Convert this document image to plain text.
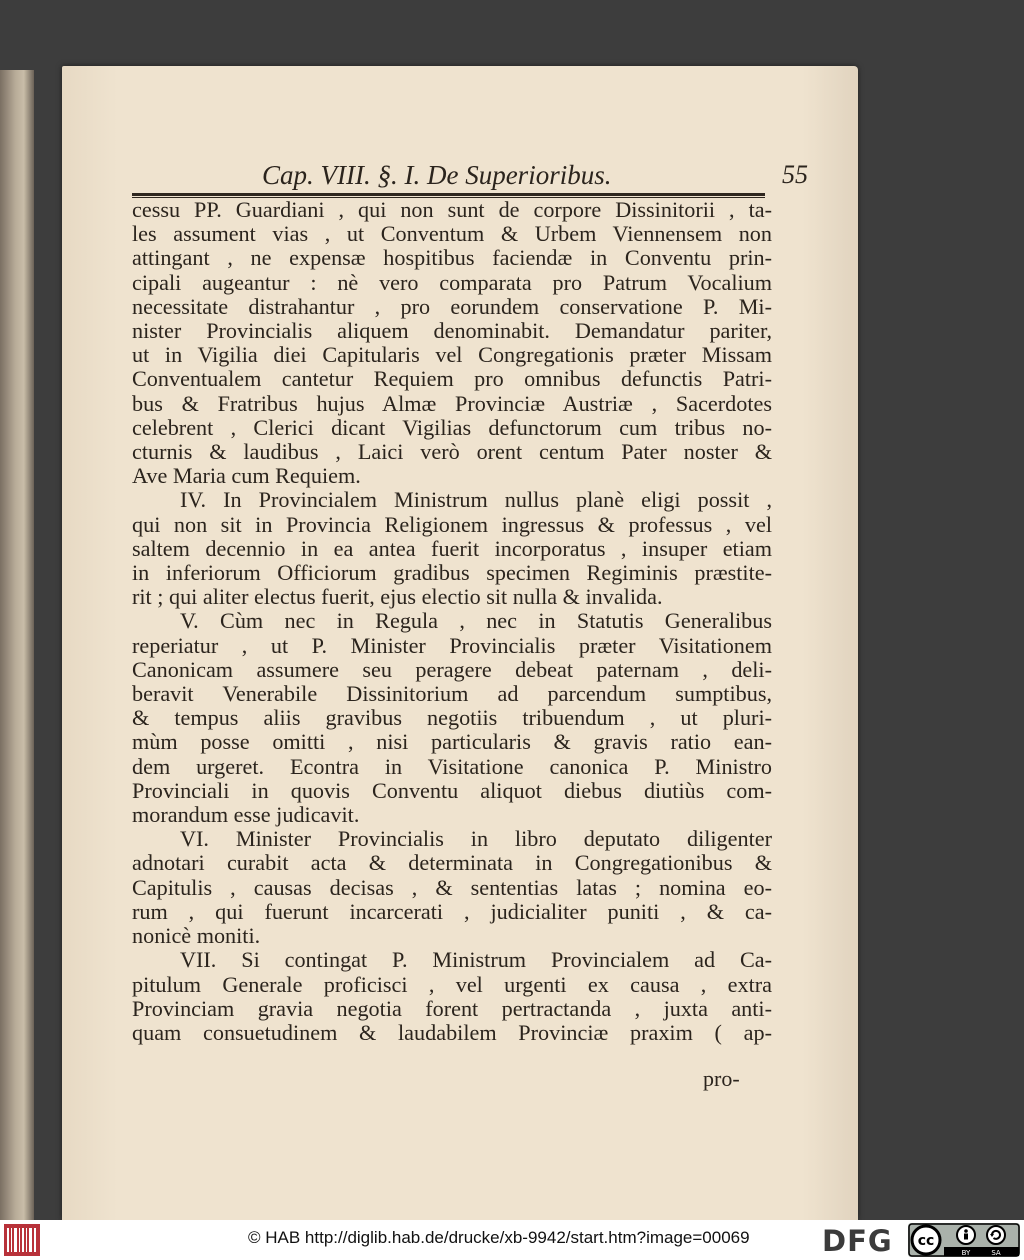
Cap. VIII. §. I. De Superioribus.	55
cessu PP. Guardiani , qui non sunt de corpore Dissinitorii , ta-
les assument vias , ut Conventum & Urbem Viennensem non
attingant , ne expensæ hospitibus faciendæ in Conventu prin-
cipali augeantur : nè vero comparata pro Patrum Vocalium
necessitate distrahantur , pro eorundem conservatione P. Mi-
nister Provincialis aliquem denominabit. Demandatur pariter,
ut in Vigilia diei Capitularis vel Congregationis præter Missam
Conventualem cantetur Requiem pro omnibus defunctis Patri-
bus & Fratribus hujus Almæ Provinciæ Austriæ , Sacerdotes
celebrent , Clerici dicant Vigilias defunctorum cum tribus no-
cturnis & laudibus , Laici verò orent centum Pater noster &
Ave Maria cum Requiem.
IV. In Provincialem Ministrum nullus planè eligi possit ,
qui non sit in Provincia Religionem ingressus & professus , vel
saltem decennio in ea antea fuerit incorporatus , insuper etiam
in inferiorum Officiorum gradibus specimen Regiminis præstite-
rit ; qui aliter electus fuerit, ejus electio sit nulla & invalida.
V. Cùm nec in Regula , nec in Statutis Generalibus
reperiatur , ut P. Minister Provincialis præter Visitationem
Canonicam assumere seu peragere debeat paternam , deli-
beravit Venerabile Dissinitorium ad parcendum sumptibus,
& tempus aliis gravibus negotiis tribuendum , ut pluri-
mùm posse omitti , nisi particularis & gravis ratio ean-
dem urgeret. Econtra in Visitatione canonica P. Ministro
Provinciali in quovis Conventu aliquot diebus diutiùs com-
morandum esse judicavit.
VI. Minister Provincialis in libro deputato diligenter
adnotari curabit acta & determinata in Congregationibus &
Capitulis , causas decisas , & sententias latas ; nomina eo-
rum , qui fuerunt incarcerati , judicialiter puniti , & ca-
nonicè moniti.
VII. Si contingat P. Ministrum Provincialem ad Ca-
pitulum Generale proficisci , vel urgenti ex causa , extra
Provinciam gravia negotia forent pertractanda , juxta anti-
quam consuetudinem & laudabilem Provinciæ praxim ( ap-
pro-
© HAB http://diglib.hab.de/drucke/xb-9942/start.htm?image=00069 DFG cc
BY	SA
